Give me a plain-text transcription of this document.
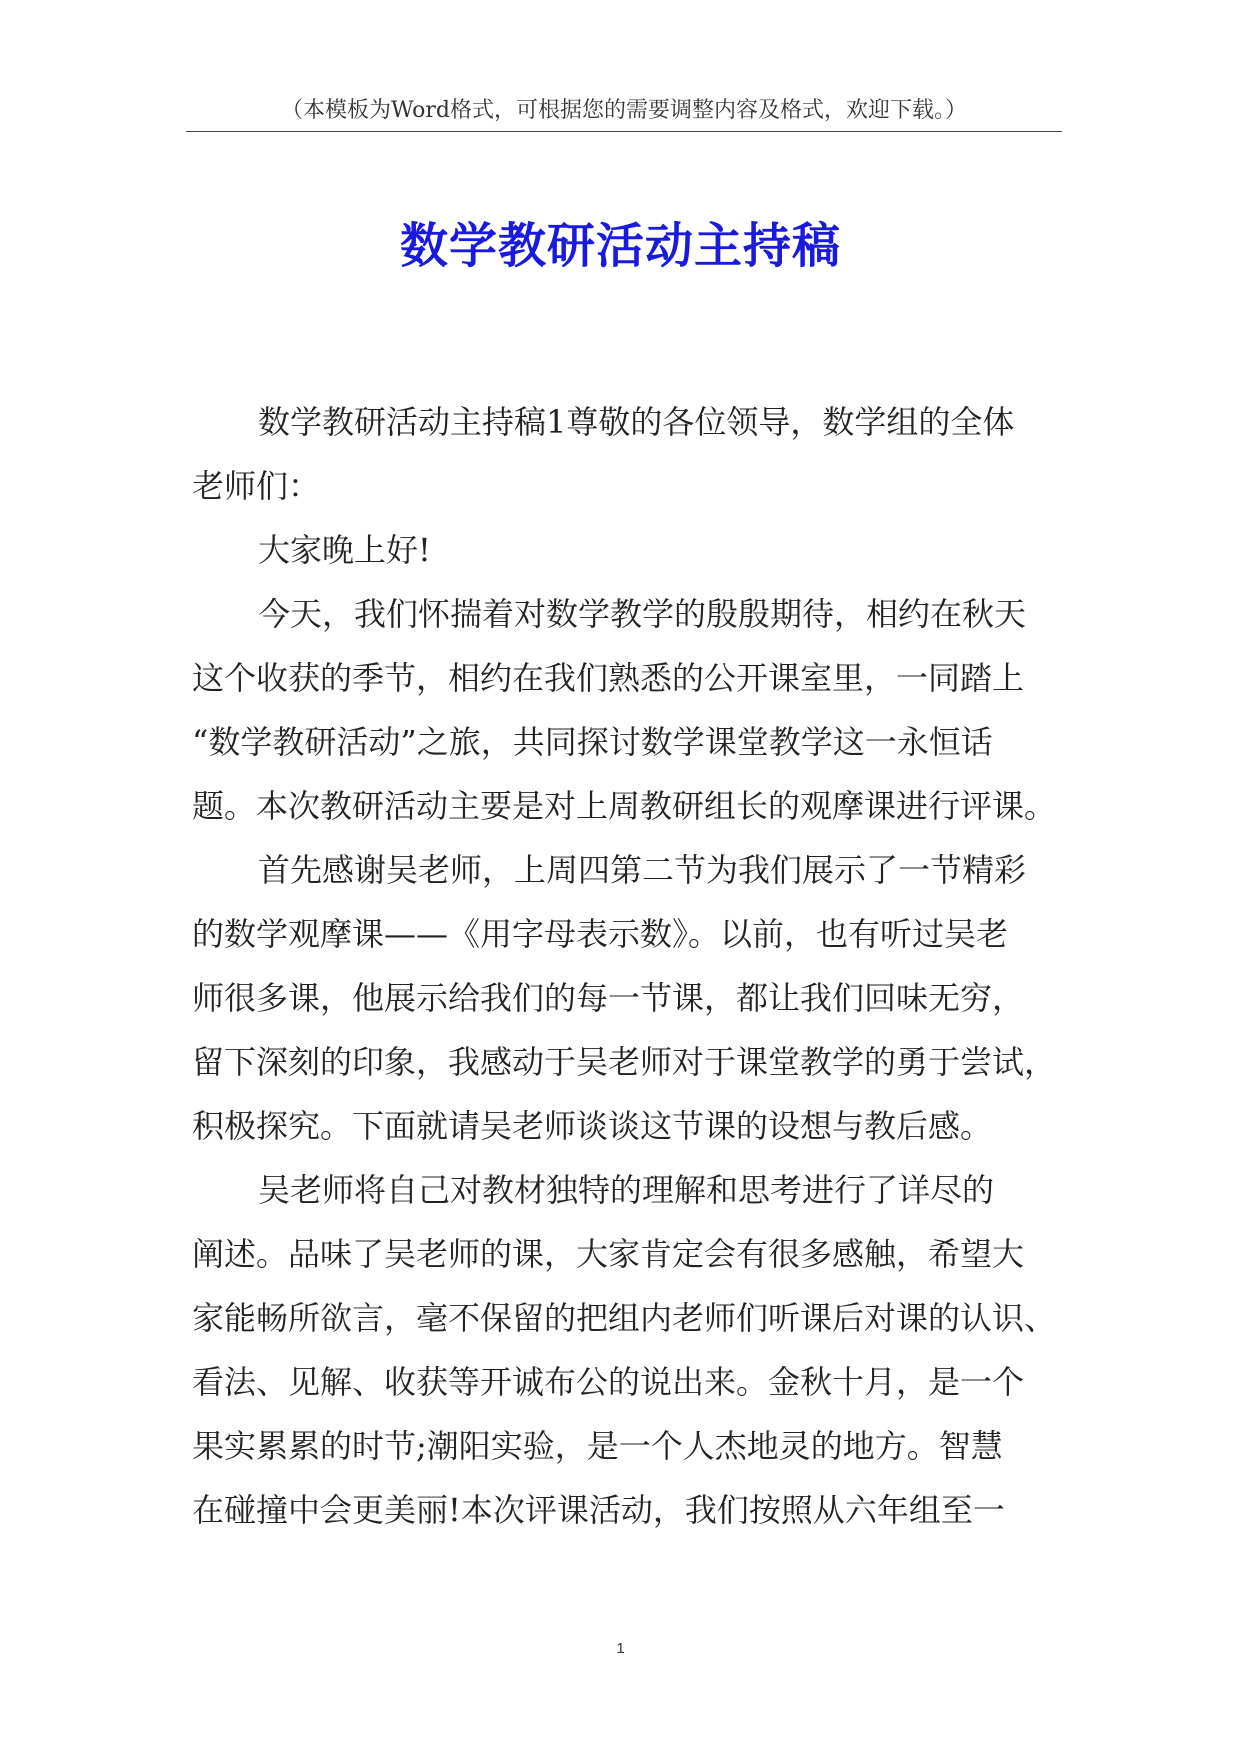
（本模板为Word格式，可根据您的需要调整内容及格式，欢迎下载。）
数学教研活动主持稿
数学教研活动主持稿1尊敬的各位领导，数学组的全体
老师们：
大家晚上好!
今天，我们怀揣着对数学教学的殷殷期待，相约在秋天
这个收获的季节，相约在我们熟悉的公开课室里，一同踏上
“数学教研活动”之旅，共同探讨数学课堂教学这一永恒话
题。本次教研活动主要是对上周教研组长的观摩课进行评课。
首先感谢吴老师，上周四第二节为我们展示了一节精彩
的数学观摩课——《用字母表示数》。以前，也有听过吴老
师很多课，他展示给我们的每一节课，都让我们回味无穷，
留下深刻的印象，我感动于吴老师对于课堂教学的勇于尝试，
积极探究。下面就请吴老师谈谈这节课的设想与教后感。
吴老师将自己对教材独特的理解和思考进行了详尽的
阐述。品味了吴老师的课，大家肯定会有很多感触，希望大
家能畅所欲言，毫不保留的把组内老师们听课后对课的认识、
看法、见解、收获等开诚布公的说出来。金秋十月，是一个
果实累累的时节;潮阳实验，是一个人杰地灵的地方。智慧
在碰撞中会更美丽!本次评课活动，我们按照从六年组至一
1
